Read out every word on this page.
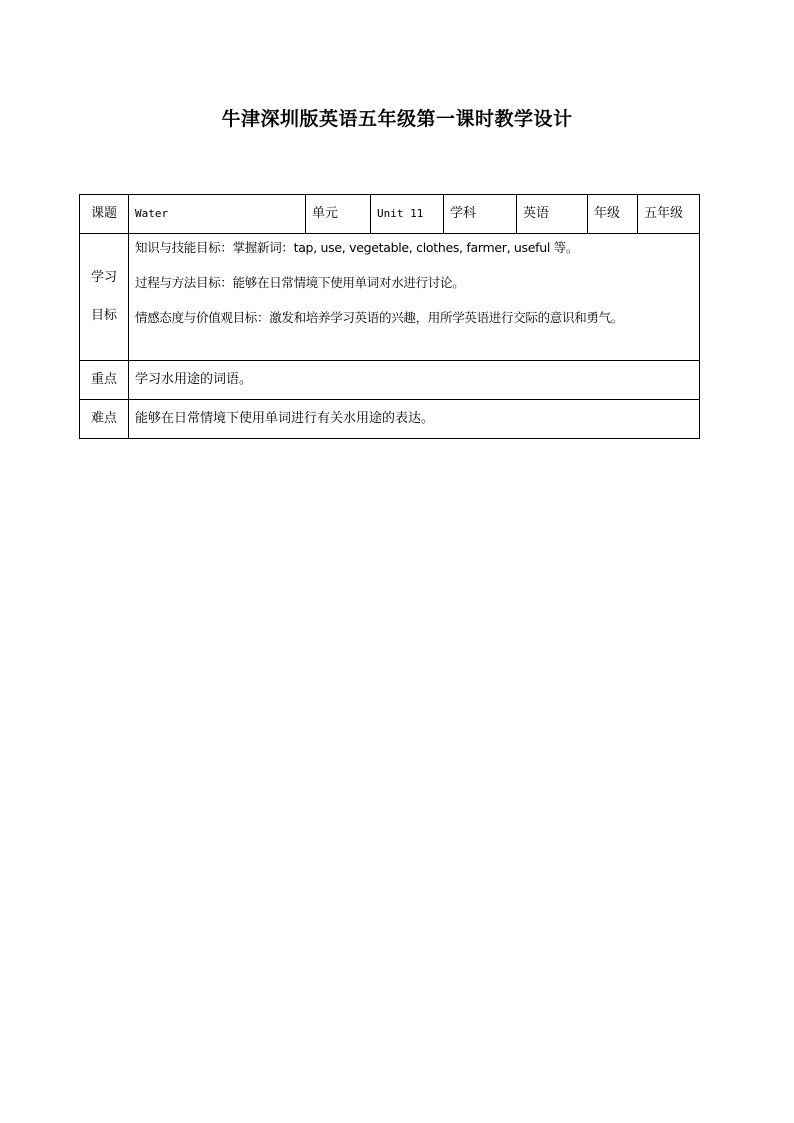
牛津深圳版英语五年级第一课时教学设计
课题	Water	单元	Unit 11	学科	英语	年级	五年级

学习
目标	知识与技能目标：掌握新词：tap, use, vegetable, clothes, farmer, useful 等。
过程与方法目标：能够在日常情境下使用单词对水进行讨论。
情感态度与价值观目标：激发和培养学习英语的兴趣，用所学英语进行交际的意识和勇气。						

重点	学习水用途的词语。						
难点	能够在日常情境下使用单词进行有关水用途的表达。						
